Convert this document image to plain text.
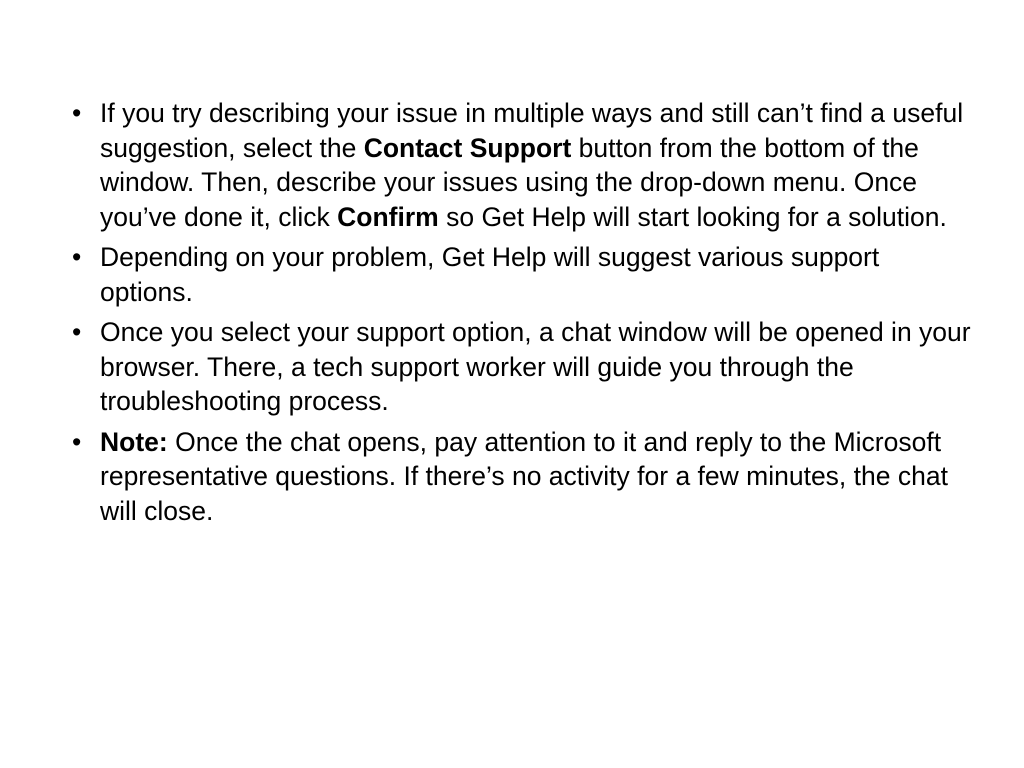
• If you try describing your issue in multiple ways and still can’t find a useful suggestion, select the Contact Support button from the bottom of the window. Then, describe your issues using the drop-down menu. Once you’ve done it, click Confirm so Get Help will start looking for a solution.
• Depending on your problem, Get Help will suggest various support options.
• Once you select your support option, a chat window will be opened in your browser. There, a tech support worker will guide you through the troubleshooting process.
• Note: Once the chat opens, pay attention to it and reply to the Microsoft representative questions. If there’s no activity for a few minutes, the chat will close.
